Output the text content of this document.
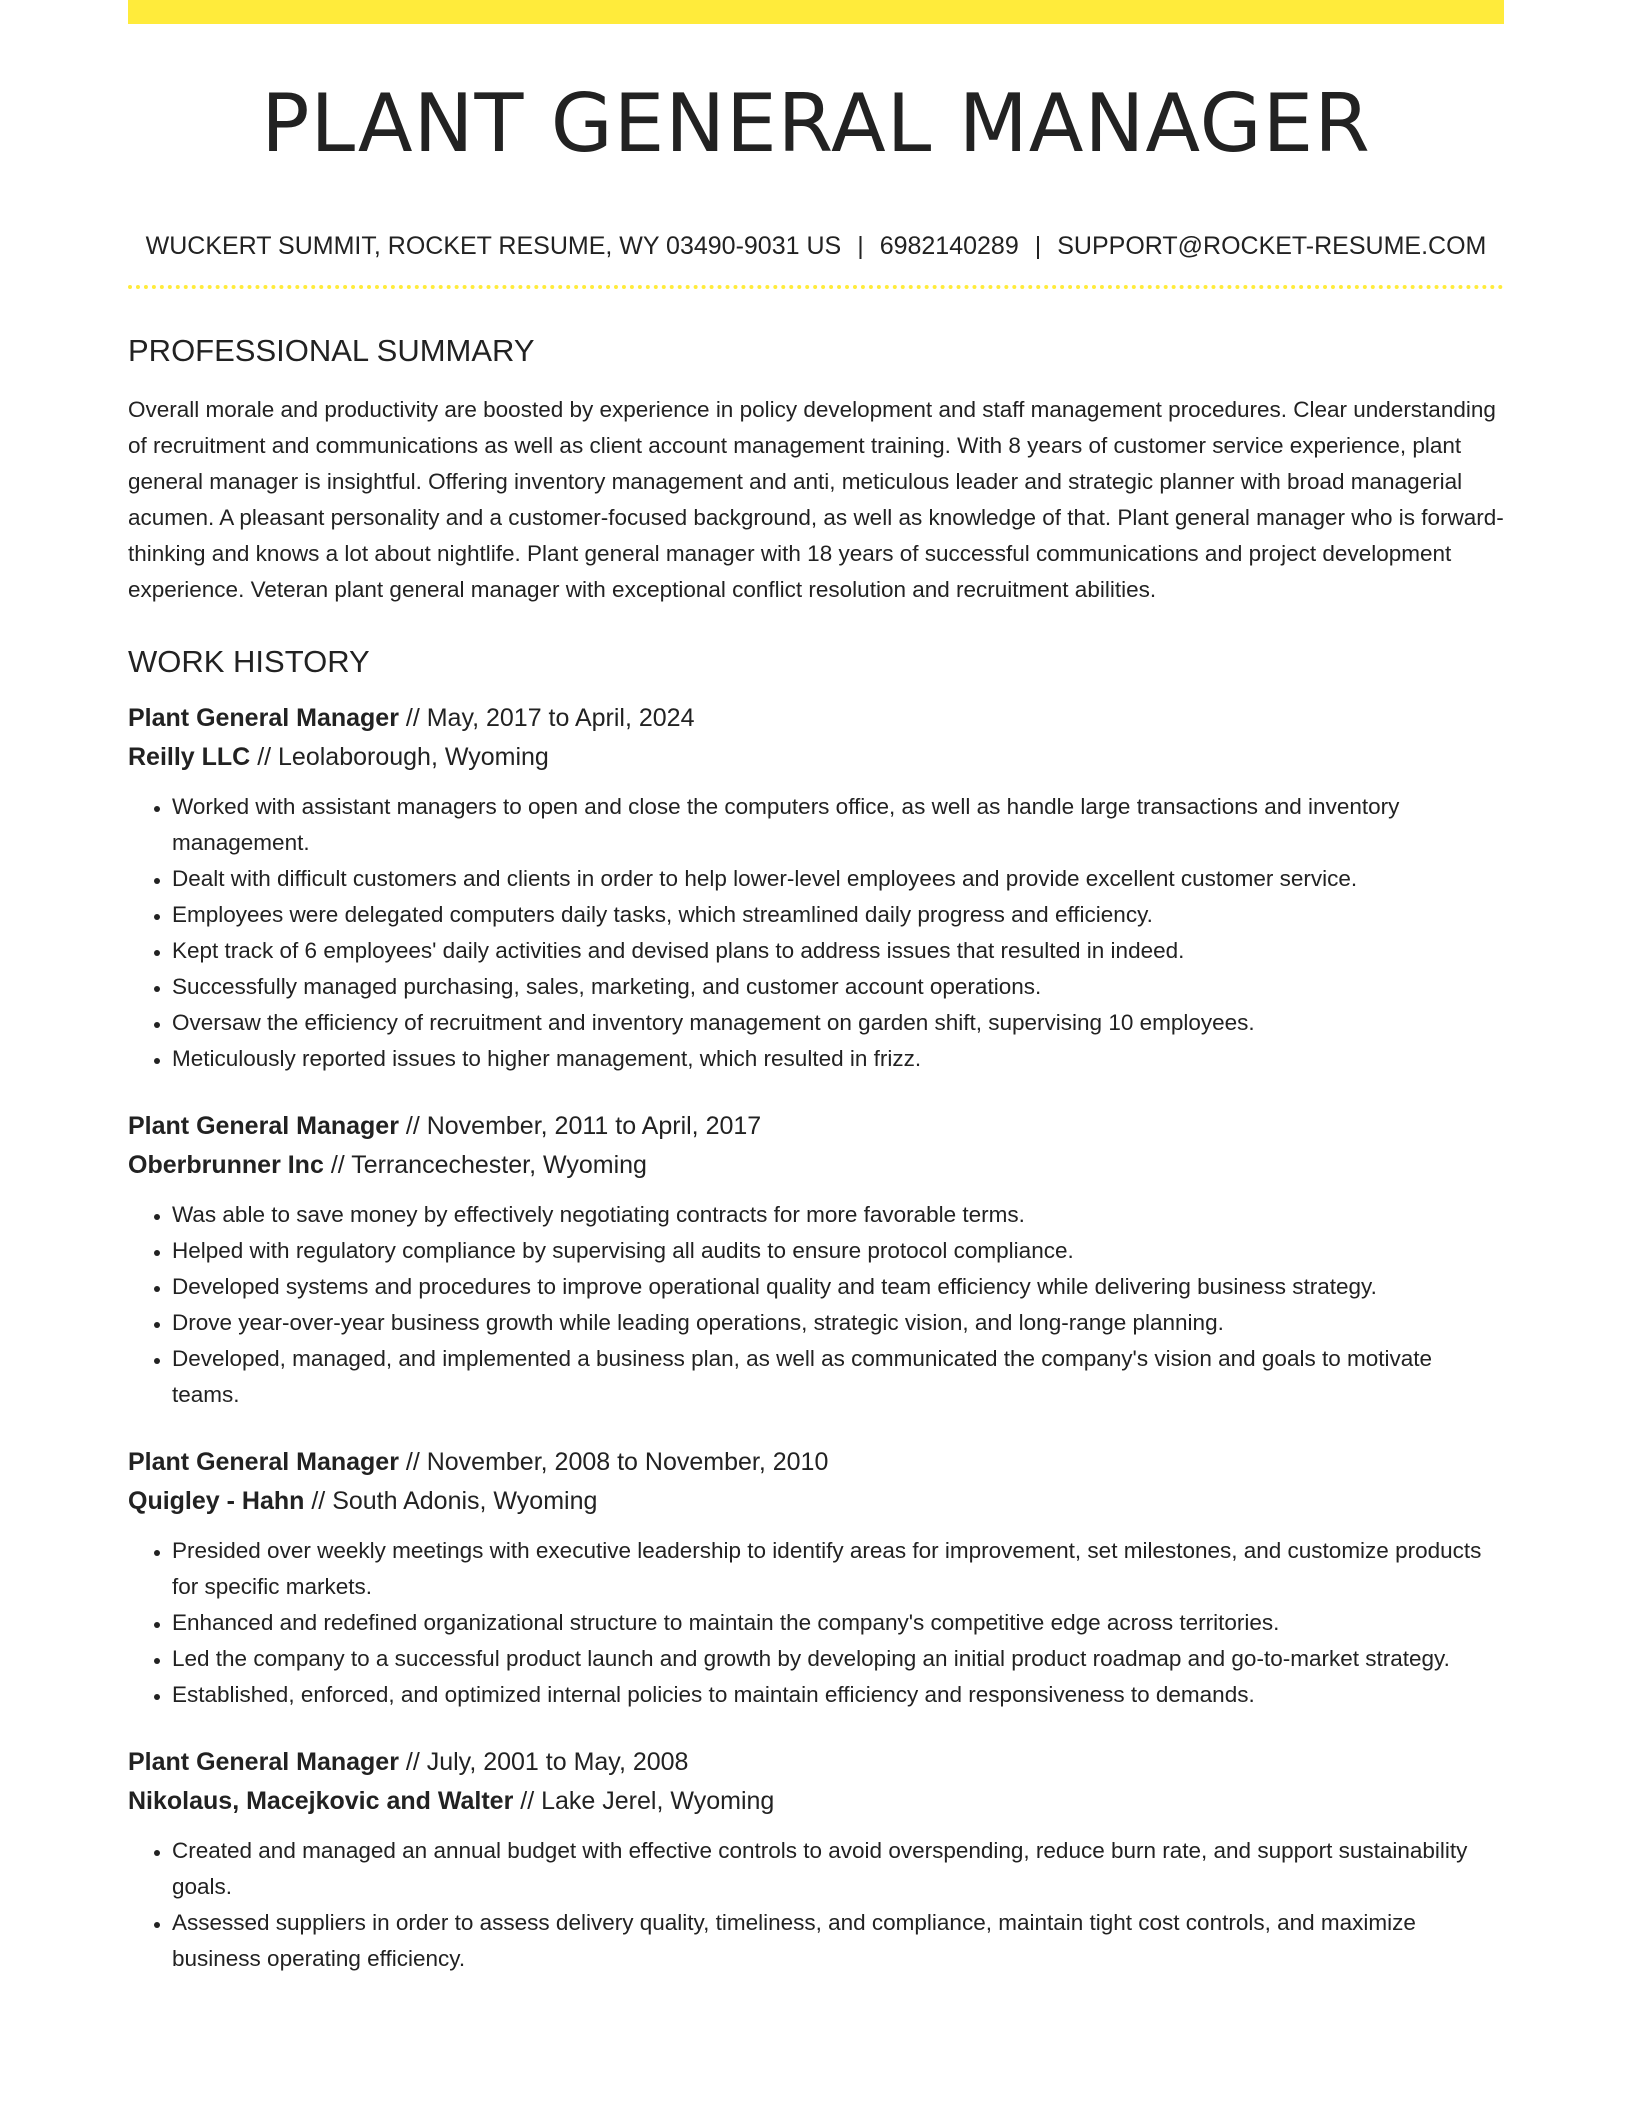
PLANT GENERAL MANAGER
WUCKERT SUMMIT, ROCKET RESUME, WY 03490-9031 US | 6982140289 | SUPPORT@ROCKET-RESUME.COM
PROFESSIONAL SUMMARY

Overall morale and productivity are boosted by experience in policy development and staff management procedures. Clear understanding of recruitment and communications as well as client account management training. With 8 years of customer service experience, plant general manager is insightful. Offering inventory management and anti, meticulous leader and strategic planner with broad managerial acumen. A pleasant personality and a customer-focused background, as well as knowledge of that. Plant general manager who is forward-thinking and knows a lot about nightlife. Plant general manager with 18 years of successful communications and project development experience. Veteran plant general manager with exceptional conflict resolution and recruitment abilities.

WORK HISTORY
Plant General Manager // May, 2017 to April, 2024
Reilly LLC // Leolaborough, Wyoming
• Worked with assistant managers to open and close the computers office, as well as handle large transactions and inventory management.
• Dealt with difficult customers and clients in order to help lower-level employees and provide excellent customer service.
• Employees were delegated computers daily tasks, which streamlined daily progress and efficiency.
• Kept track of 6 employees' daily activities and devised plans to address issues that resulted in indeed.
• Successfully managed purchasing, sales, marketing, and customer account operations.
• Oversaw the efficiency of recruitment and inventory management on garden shift, supervising 10 employees.
• Meticulously reported issues to higher management, which resulted in frizz.
Plant General Manager // November, 2011 to April, 2017
Oberbrunner Inc // Terrancechester, Wyoming
• Was able to save money by effectively negotiating contracts for more favorable terms.
• Helped with regulatory compliance by supervising all audits to ensure protocol compliance.
• Developed systems and procedures to improve operational quality and team efficiency while delivering business strategy.
• Drove year-over-year business growth while leading operations, strategic vision, and long-range planning.
• Developed, managed, and implemented a business plan, as well as communicated the company's vision and goals to motivate teams.
Plant General Manager // November, 2008 to November, 2010
Quigley - Hahn // South Adonis, Wyoming
• Presided over weekly meetings with executive leadership to identify areas for improvement, set milestones, and customize products for specific markets.
• Enhanced and redefined organizational structure to maintain the company's competitive edge across territories.
• Led the company to a successful product launch and growth by developing an initial product roadmap and go-to-market strategy.
• Established, enforced, and optimized internal policies to maintain efficiency and responsiveness to demands.
Plant General Manager // July, 2001 to May, 2008
Nikolaus, Macejkovic and Walter // Lake Jerel, Wyoming
• Created and managed an annual budget with effective controls to avoid overspending, reduce burn rate, and support sustainability goals.
• Assessed suppliers in order to assess delivery quality, timeliness, and compliance, maintain tight cost controls, and maximize business operating efficiency.
